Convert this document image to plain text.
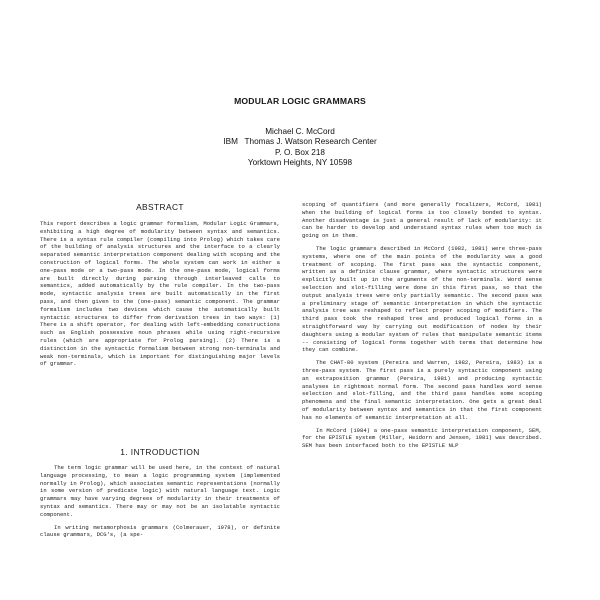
MODULAR LOGIC GRAMMARS
Michael C. McCord
IBM   Thomas J. Watson Research Center
P. O. Box 218
Yorktown Heights, NY 10598
ABSTRACT

This report describes a logic grammar formalism, Modular Logic Grammars, exhibiting a high degree of modularity between syntax and semantics. There is a syntax rule compiler (compiling into Prolog) which takes care of the building of analysis structures and the interface to a clearly separated semantic interpretation component dealing with scoping and the construction of logical forms. The whole system can work in either a one-pass mode or a two-pass mode. In the one-pass mode, logical forms are built directly during parsing through interleaved calls to semantics, added automatically by the rule compiler. In the two-pass mode, syntactic analysis trees are built automatically in the first pass, and then given to the (one-pass) semantic component. The grammar formalism includes two devices which cause the automatically built syntactic structures to differ from derivation trees in two ways: (1) There is a shift operator, for dealing with left-embedding constructions such as English possessive noun phrases while using right-recursive rules (which are appropriate for Prolog parsing). (2) There is a distinction in the syntactic formalism between strong non-terminals and weak non-terminals, which is important for distinguishing major levels of grammar.

1. INTRODUCTION

The term logic grammar will be used here, in the context of natural language processing, to mean a logic programming system (implemented normally in Prolog), which associates semantic representations (normally in some version of predicate logic) with natural language text. Logic grammars may have varying degrees of modularity in their treatments of syntax and semantics. There may or may not be an isolatable syntactic component.

In writing metamorphosis grammars (Colmerauer, 1978), or definite clause grammars, DCG's, (a spe-

scoping of quantifiers (and more generally focalizers, McCord, 1981) when the building of logical forms is too closely bonded to syntax. Another disadvantage is just a general result of lack of modularity: it can be harder to develop and understand syntax rules when too much is going on in them.

The logic grammars described in McCord (1982, 1981) were three-pass systems, where one of the main points of the modularity was a good treatment of scoping. The first pass was the syntactic component, written as a definite clause grammar, where syntactic structures were explicitly built up in the arguments of the non-terminals. Word sense selection and slot-filling were done in this first pass, so that the output analysis trees were only partially semantic. The second pass was a preliminary stage of semantic interpretation in which the syntactic analysis tree was reshaped to reflect proper scoping of modifiers. The third pass took the reshaped tree and produced logical forms in a straightforward way by carrying out modification of nodes by their daughters using a modular system of rules that manipulate semantic items -- consisting of logical forms together with terms that determine how they can combine.

The CHAT-80 system (Pereira and Warren, 1982, Pereira, 1983) is a three-pass system. The first pass is a purely syntactic component using an extraposition grammar (Pereira, 1981) and producing syntactic analyses in rightmost normal form. The second pass handles word sense selection and slot-filling, and the third pass handles some scoping phenomena and the final semantic interpretation. One gets a great deal of modularity between syntax and semantics in that the first component has no elements of semantic interpretation at all.

In McCord (1984) a one-pass semantic interpretation component, SEM, for the EPISTLE system (Miller, Heidorn and Jensen, 1981) was described. SEM has been interfaced both to the EPISTLE NLP
